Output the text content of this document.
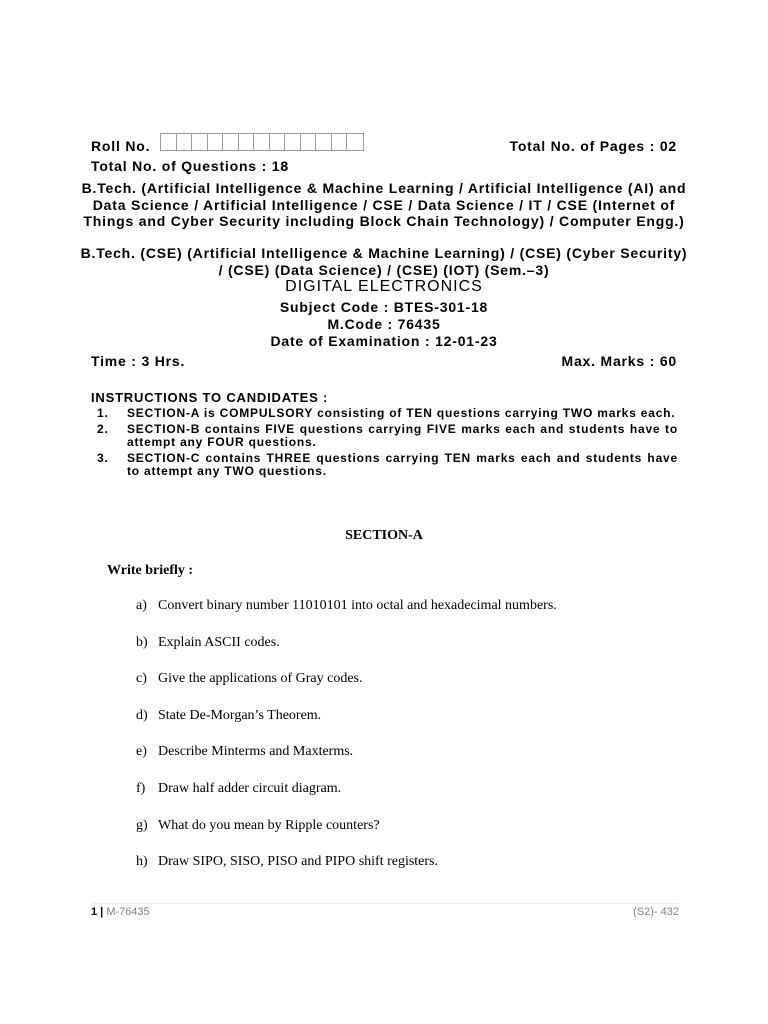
Roll No.	Total No. of Pages : 02
Total No. of Questions : 18
B.Tech. (Artificial Intelligence & Machine Learning / Artificial Intelligence (AI) and Data Science / Artificial Intelligence / CSE / Data Science / IT / CSE (Internet of Things and Cyber Security including Block Chain Technology) / Computer Engg.)
B.Tech. (CSE) (Artificial Intelligence & Machine Learning) / (CSE) (Cyber Security) / (CSE) (Data Science) / (CSE) (IOT) (Sem.–3)
DIGITAL ELECTRONICS
Subject Code : BTES-301-18
M.Code : 76435
Date of Examination : 12-01-23
Time : 3 Hrs.	Max. Marks : 60
INSTRUCTIONS TO CANDIDATES :
1.	SECTION-A is COMPULSORY consisting of TEN questions carrying TWO marks each.
2.	SECTION-B contains FIVE questions carrying FIVE marks each and students have to attempt any FOUR questions.
3.	SECTION-C contains THREE questions carrying TEN marks each and students have to attempt any TWO questions.
SECTION-A
Write briefly :
a) Convert binary number 11010101 into octal and hexadecimal numbers.
b) Explain ASCII codes.
c) Give the applications of Gray codes.
d) State De-Morgan’s Theorem.
e) Describe Minterms and Maxterms.
f) Draw half adder circuit diagram.
g) What do you mean by Ripple counters?
h) Draw SIPO, SISO, PISO and PIPO shift registers.
1 | M-76435	(S2)- 432
